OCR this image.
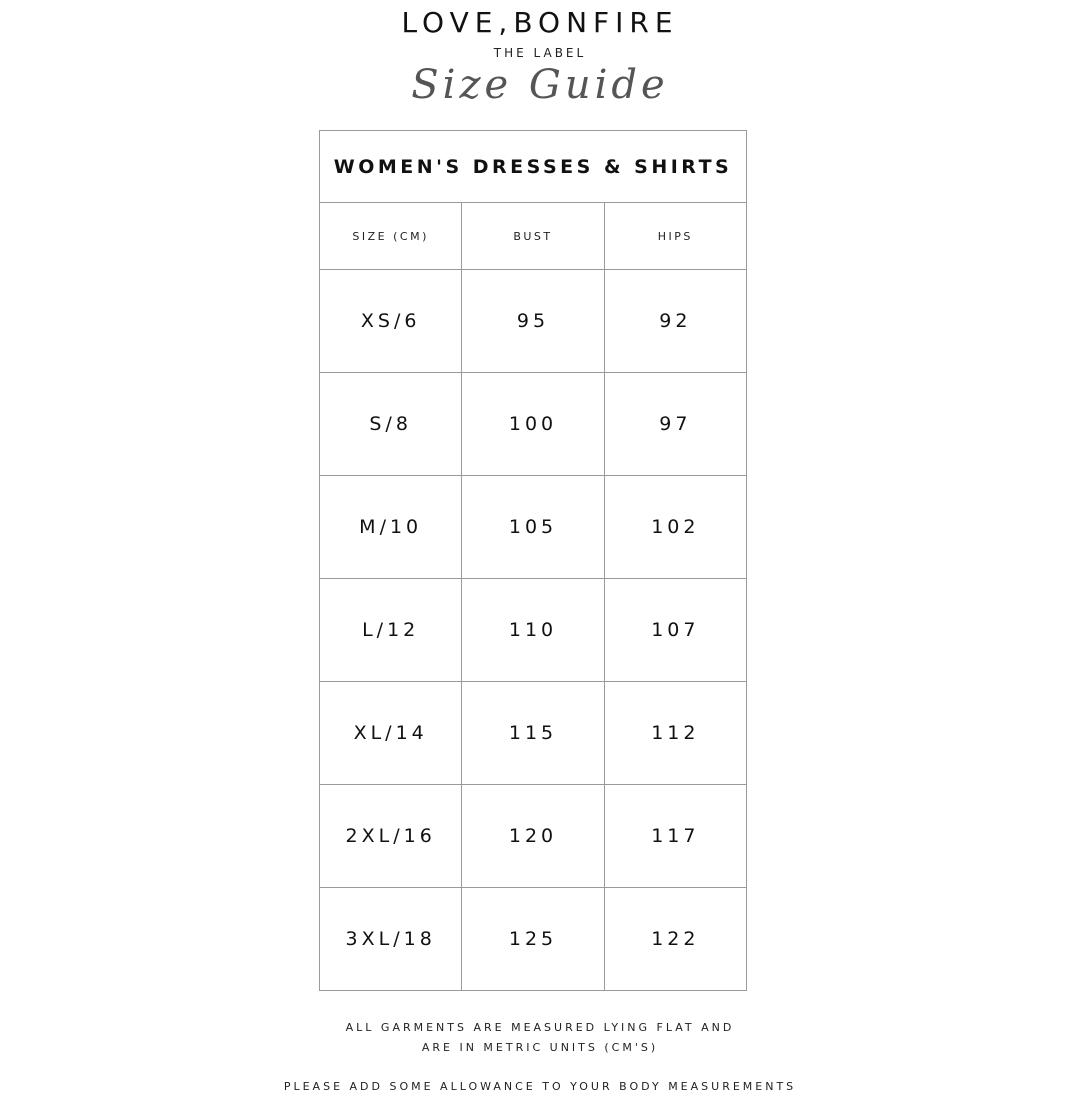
LOVE,BONFIRE
THE LABEL
Size Guide
WOMEN'S DRESSES & SHIRTS		
SIZE (CM)	BUST	HIPS
XS/6	95	92
S/8	100	97
M/10	105	102
L/12	110	107
XL/14	115	112
2XL/16	120	117
3XL/18	125	122
ALL GARMENTS ARE MEASURED LYING FLAT AND
ARE IN METRIC UNITS (CM'S)
PLEASE ADD SOME ALLOWANCE TO YOUR BODY MEASUREMENTS
